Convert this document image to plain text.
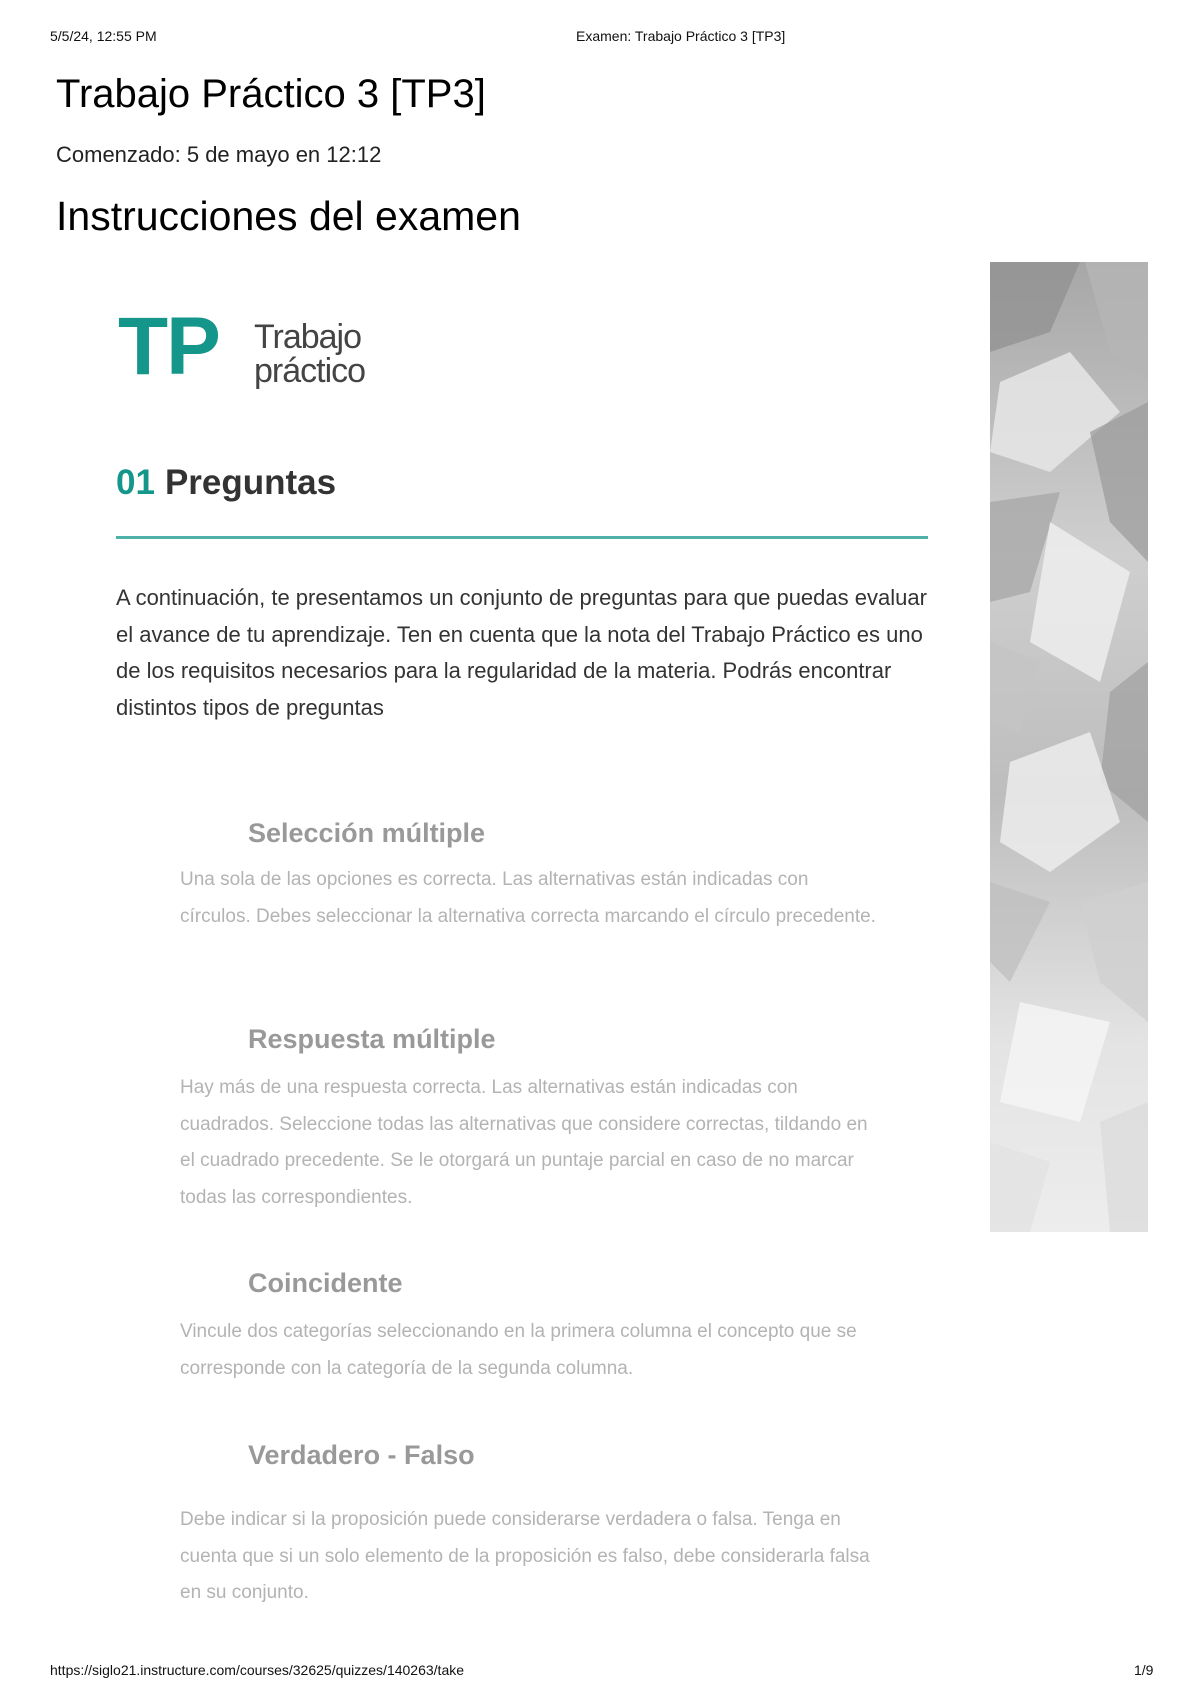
5/5/24, 12:55 PM	Examen: Trabajo Práctico 3 [TP3]
Trabajo Práctico 3 [TP3]
Comenzado: 5 de mayo en 12:12
Instrucciones del examen
TP Trabajo
práctico
01 Preguntas
A continuación, te presentamos un conjunto de preguntas para que puedas evaluar el avance de tu aprendizaje. Ten en cuenta que la nota del Trabajo Práctico es uno de los requisitos necesarios para la regularidad de la materia. Podrás encontrar distintos tipos de preguntas
Selección múltiple
Una sola de las opciones es correcta. Las alternativas están indicadas con círculos. Debes seleccionar la alternativa correcta marcando el círculo precedente.
Respuesta múltiple
Hay más de una respuesta correcta. Las alternativas están indicadas con cuadrados. Seleccione todas las alternativas que considere correctas, tildando en el cuadrado precedente. Se le otorgará un puntaje parcial en caso de no marcar todas las correspondientes.
Coincidente
Vincule dos categorías seleccionando en la primera columna el concepto que se corresponde con la categoría de la segunda columna.
Verdadero - Falso
Debe indicar si la proposición puede considerarse verdadera o falsa. Tenga en cuenta que si un solo elemento de la proposición es falso, debe considerarla falsa en su conjunto.
https://siglo21.instructure.com/courses/32625/quizzes/140263/take	1/9
